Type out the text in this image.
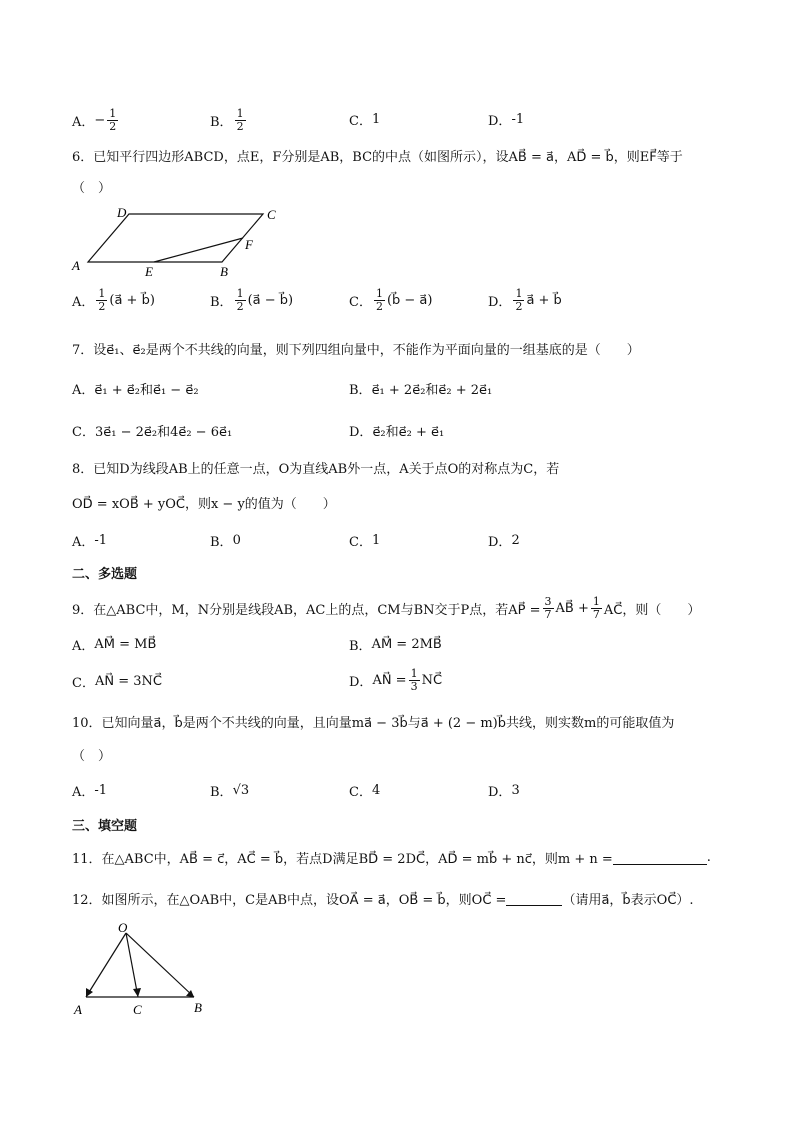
A． − $\frac{1}{2}$	B． $\frac{1}{2}$	C． 1	D． -1
6．已知平行四边形ABCD，点E，F分别是AB，BC的中点（如图所示），设AB⃗ = a⃗，AD⃗ = b⃗，则EF⃗等于
（　）
D	C
F
A	E	B
A． $\frac{1}{2}$ (a⃗ + b⃗)	B． $\frac{1}{2}$ (a⃗ − b⃗)	C． $\frac{1}{2}$ (b⃗ − a⃗)	D． $\frac{1}{2}$ a⃗ + b⃗
7．设e⃗₁、e⃗₂是两个不共线的向量，则下列四组向量中，不能作为平面向量的一组基底的是（　　）
A． e⃗₁ + e⃗₂和e⃗₁ − e⃗₂	B． e⃗₁ + 2e⃗₂和e⃗₂ + 2e⃗₁
C． 3e⃗₁ − 2e⃗₂和4e⃗₂ − 6e⃗₁	D． e⃗₂和e⃗₂ + e⃗₁
8．已知D为线段AB上的任意一点，O为直线AB外一点，A关于点O的对称点为C，若
OD⃗ = xOB⃗ + yOC⃗，则x − y的值为（　　）
A． -1	B． 0	C． 1	D． 2
二、多选题
9．在△ABC中，M，N分别是线段AB，AC上的点，CM与BN交于P点，若AP⃗ = $\frac{3}{7}$ AB⃗ + $\frac{1}{7}$ AC⃗，则（　　）
A． AM⃗ = MB⃗	B． AM⃗ = 2MB⃗
C． AN⃗ = 3NC⃗	D． AN⃗ = $\frac{1}{3}$ NC⃗
10．已知向量a⃗，b⃗是两个不共线的向量，且向量ma⃗ − 3b⃗与a⃗ + (2 − m)b⃗共线，则实数m的可能取值为
（　）
A． -1	B． √3	C． 4	D． 3
三、填空题
11．在△ABC中，AB⃗ = c⃗，AC⃗ = b⃗，若点D满足BD⃗ = 2DC⃗，AD⃗ = mb⃗ + nc⃗，则m + n =	.
12．如图所示，在△OAB中，C是AB中点，设OA⃗ = a⃗，OB⃗ = b⃗，则OC⃗ =	（请用a⃗，b⃗表示OC⃗）.
O
A	C	B
